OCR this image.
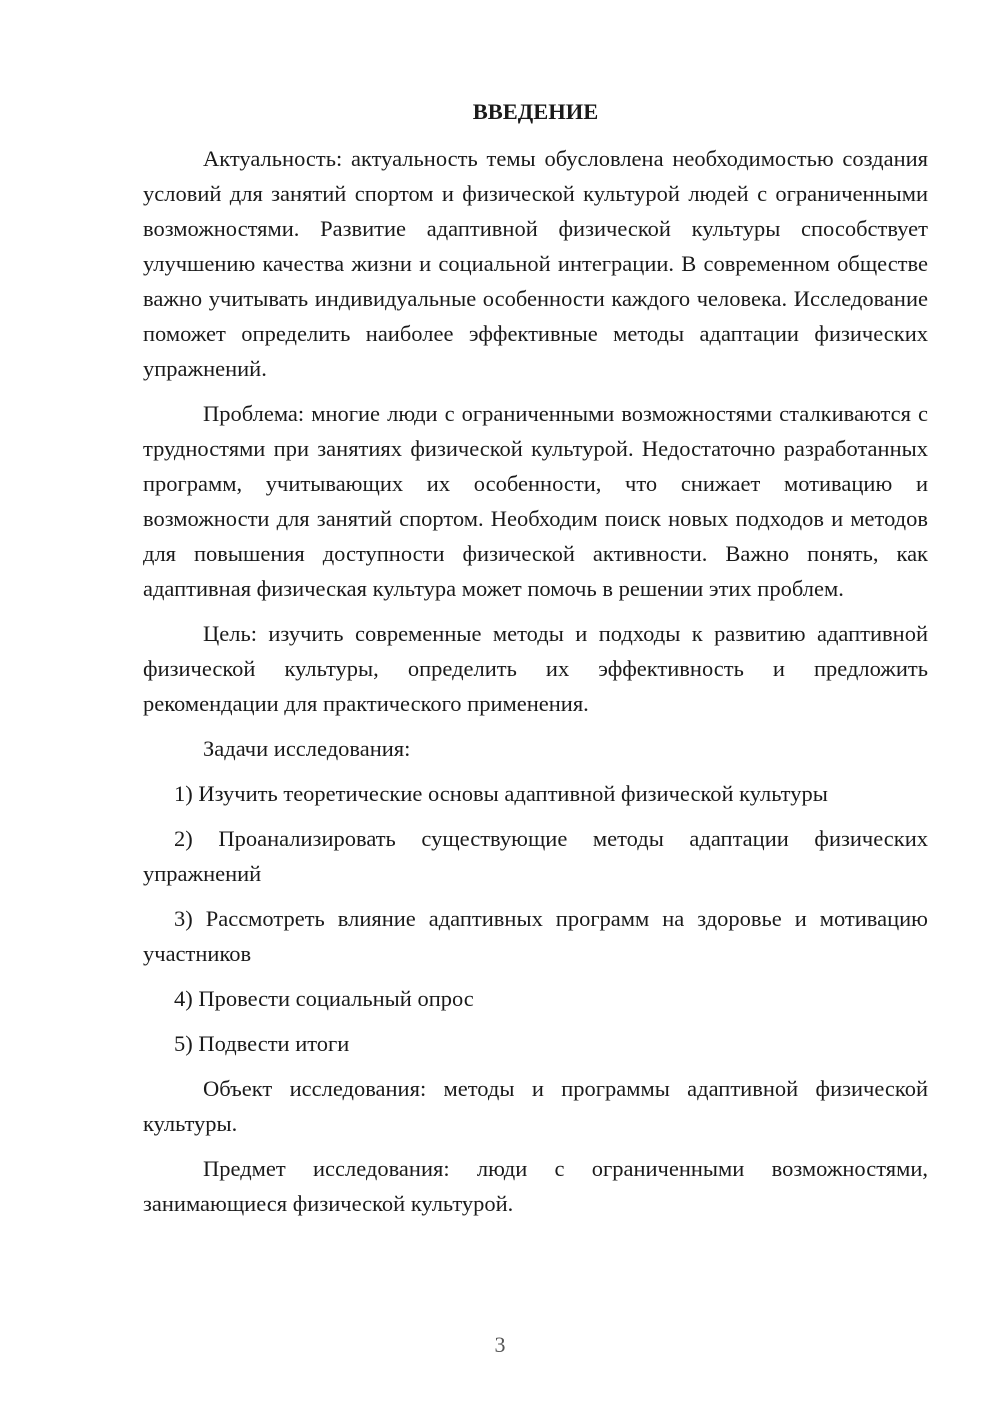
ВВЕДЕНИЕ

Актуальность: актуальность темы обусловлена необходимостью создания условий для занятий спортом и физической культурой людей с ограниченными возможностями. Развитие адаптивной физической культуры способствует улучшению качества жизни и социальной интеграции. В современном обществе важно учитывать индивидуальные особенности каждого человека. Исследование поможет определить наиболее эффективные методы адаптации физических упражнений.

Проблема: многие люди с ограниченными возможностями сталкиваются с трудностями при занятиях физической культурой. Недостаточно разработанных программ, учитывающих их особенности, что снижает мотивацию и возможности для занятий спортом. Необходим поиск новых подходов и методов для повышения доступности физической активности. Важно понять, как адаптивная физическая культура может помочь в решении этих проблем.

Цель: изучить современные методы и подходы к развитию адаптивной физической культуры, определить их эффективность и предложить рекомендации для практического применения.

Задачи исследования:

1) Изучить теоретические основы адаптивной физической культуры

2) Проанализировать существующие методы адаптации физических упражнений

3) Рассмотреть влияние адаптивных программ на здоровье и мотивацию участников

4) Провести социальный опрос

5) Подвести итоги

Объект исследования: методы и программы адаптивной физической культуры.

Предмет исследования: люди с ограниченными возможностями, занимающиеся физической культурой.

3
